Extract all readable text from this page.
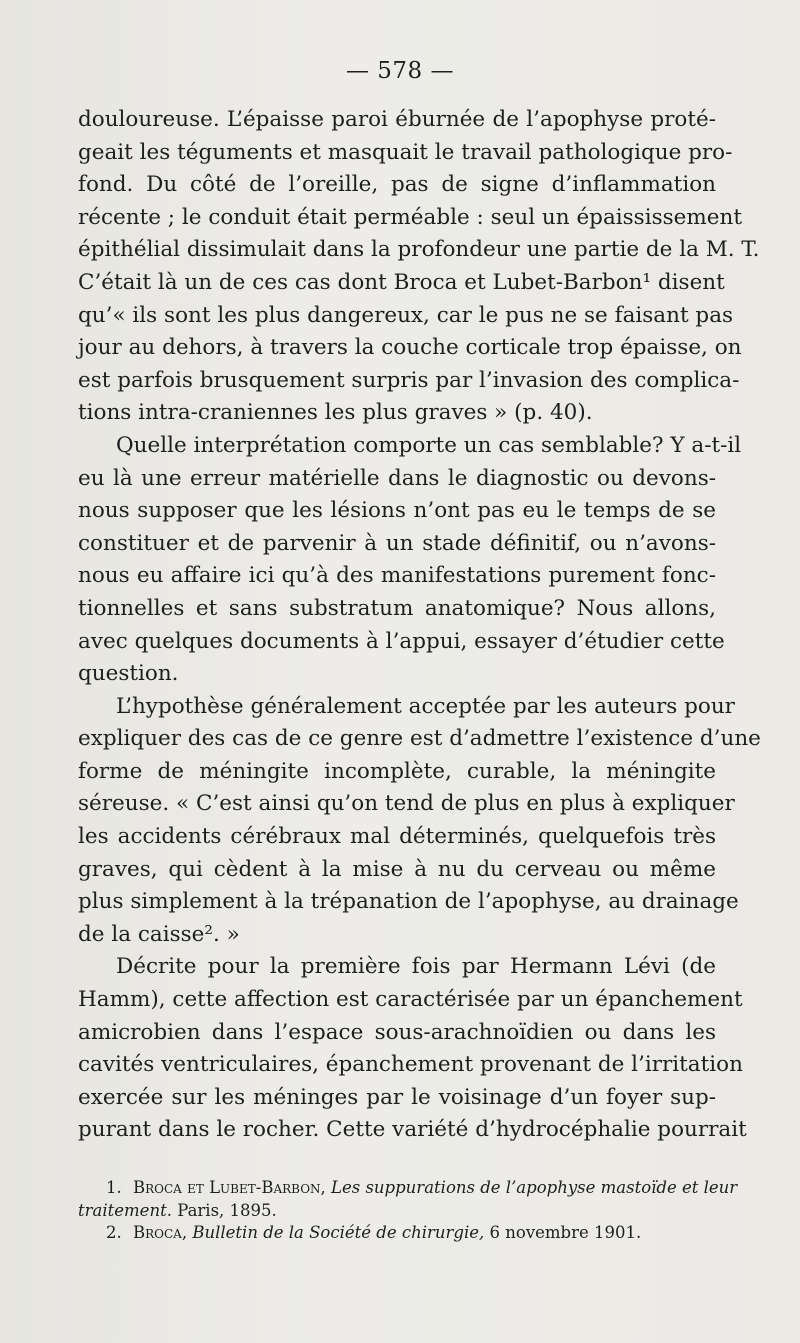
— 578 —
douloureuse. L’épaisse paroi éburnée de l’apophyse proté-
geait les téguments et masquait le travail pathologique pro-
fond. Du côté de l’oreille, pas de signe d’inflammation
récente ; le conduit était perméable : seul un épaississement
épithélial dissimulait dans la profondeur une partie de la M. T.
C’était là un de ces cas dont Broca et Lubet-Barbon¹ disent
qu’« ils sont les plus dangereux, car le pus ne se faisant pas
jour au dehors, à travers la couche corticale trop épaisse, on
est parfois brusquement surpris par l’invasion des complica-
tions intra-craniennes les plus graves » (p. 40).
Quelle interprétation comporte un cas semblable? Y a-t-il
eu là une erreur matérielle dans le diagnostic ou devons-
nous supposer que les lésions n’ont pas eu le temps de se
constituer et de parvenir à un stade définitif, ou n’avons-
nous eu affaire ici qu’à des manifestations purement fonc-
tionnelles et sans substratum anatomique? Nous allons,
avec quelques documents à l’appui, essayer d’étudier cette
question.
L’hypothèse généralement acceptée par les auteurs pour
expliquer des cas de ce genre est d’admettre l’existence d’une
forme de méningite incomplète, curable, la méningite
séreuse. « C’est ainsi qu’on tend de plus en plus à expliquer
les accidents cérébraux mal déterminés, quelquefois très
graves, qui cèdent à la mise à nu du cerveau ou même
plus simplement à la trépanation de l’apophyse, au drainage
de la caisse². »
Décrite pour la première fois par Hermann Lévi (de
Hamm), cette affection est caractérisée par un épanchement
amicrobien dans l’espace sous-arachnoïdien ou dans les
cavités ventriculaires, épanchement provenant de l’irritation
exercée sur les méninges par le voisinage d’un foyer sup-
purant dans le rocher. Cette variété d’hydrocéphalie pourrait
1. Broca et Lubet-Barbon, Les suppurations de l’apophyse mastoïde et leur
traitement. Paris, 1895.
2. Broca, Bulletin de la Société de chirurgie, 6 novembre 1901.
